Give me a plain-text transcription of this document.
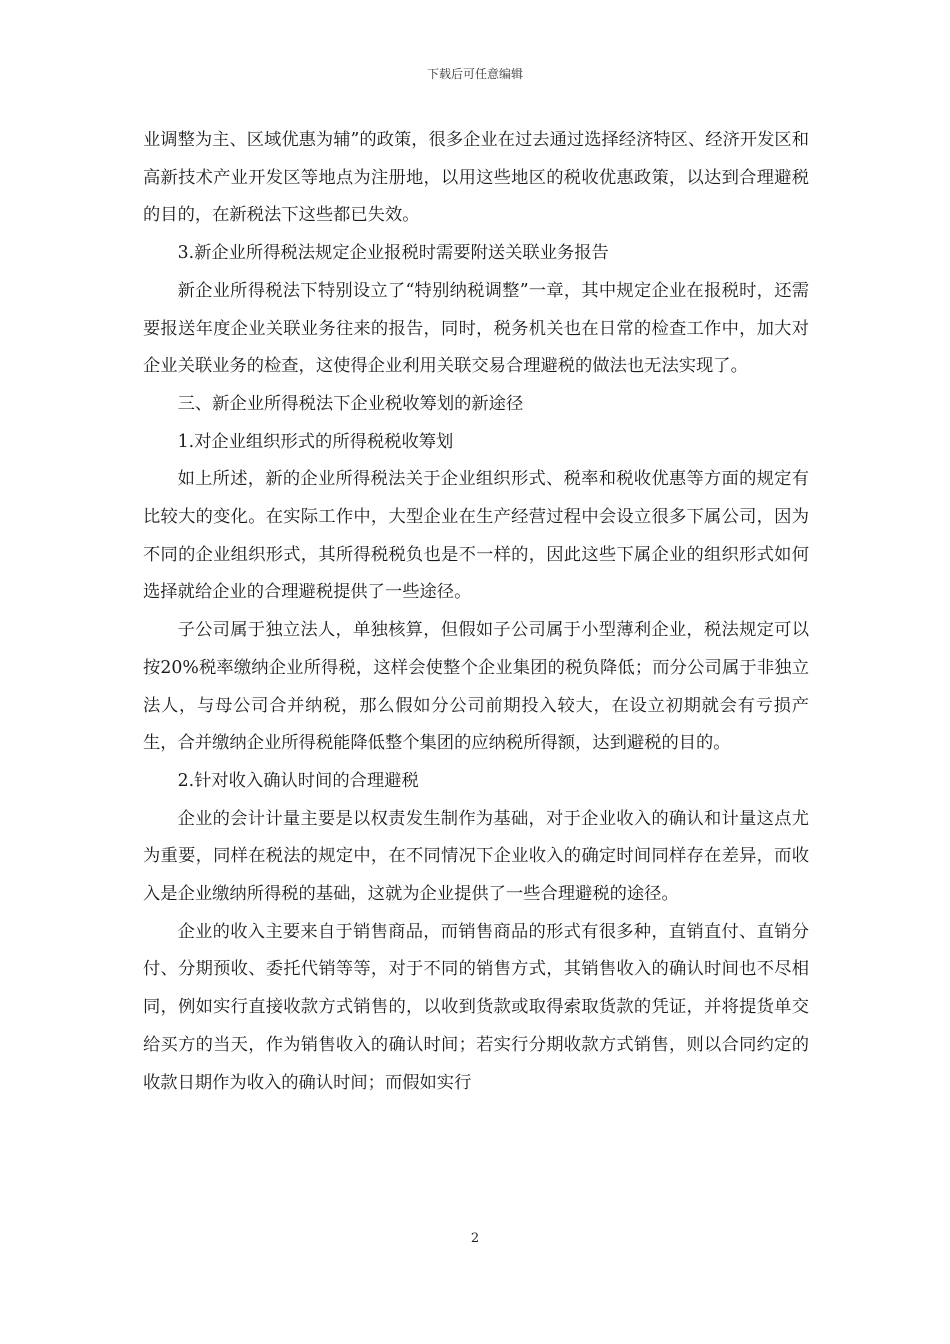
下载后可任意编辑

业调整为主、区域优惠为辅”的政策，很多企业在过去通过选择经济特区、经济开发区和高新技术产业开发区等地点为注册地，以用这些地区的税收优惠政策，以达到合理避税的目的，在新税法下这些都已失效。

3.新企业所得税法规定企业报税时需要附送关联业务报告

新企业所得税法下特别设立了“特别纳税调整”一章，其中规定企业在报税时，还需要报送年度企业关联业务往来的报告，同时，税务机关也在日常的检查工作中，加大对企业关联业务的检查，这使得企业利用关联交易合理避税的做法也无法实现了。

三、新企业所得税法下企业税收筹划的新途径

1.对企业组织形式的所得税税收筹划

如上所述，新的企业所得税法关于企业组织形式、税率和税收优惠等方面的规定有比较大的变化。在实际工作中，大型企业在生产经营过程中会设立很多下属公司，因为不同的企业组织形式，其所得税税负也是不一样的，因此这些下属企业的组织形式如何选择就给企业的合理避税提供了一些途径。

子公司属于独立法人，单独核算，但假如子公司属于小型薄利企业，税法规定可以按20%税率缴纳企业所得税，这样会使整个企业集团的税负降低；而分公司属于非独立法人，与母公司合并纳税，那么假如分公司前期投入较大，在设立初期就会有亏损产生，合并缴纳企业所得税能降低整个集团的应纳税所得额，达到避税的目的。

2.针对收入确认时间的合理避税

企业的会计计量主要是以权责发生制作为基础，对于企业收入的确认和计量这点尤为重要，同样在税法的规定中，在不同情况下企业收入的确定时间同样存在差异，而收入是企业缴纳所得税的基础，这就为企业提供了一些合理避税的途径。

企业的收入主要来自于销售商品，而销售商品的形式有很多种，直销直付、直销分付、分期预收、委托代销等等，对于不同的销售方式，其销售收入的确认时间也不尽相同，例如实行直接收款方式销售的，以收到货款或取得索取货款的凭证，并将提货单交给买方的当天，作为销售收入的确认时间；若实行分期收款方式销售，则以合同约定的收款日期作为收入的确认时间；而假如实行

2
